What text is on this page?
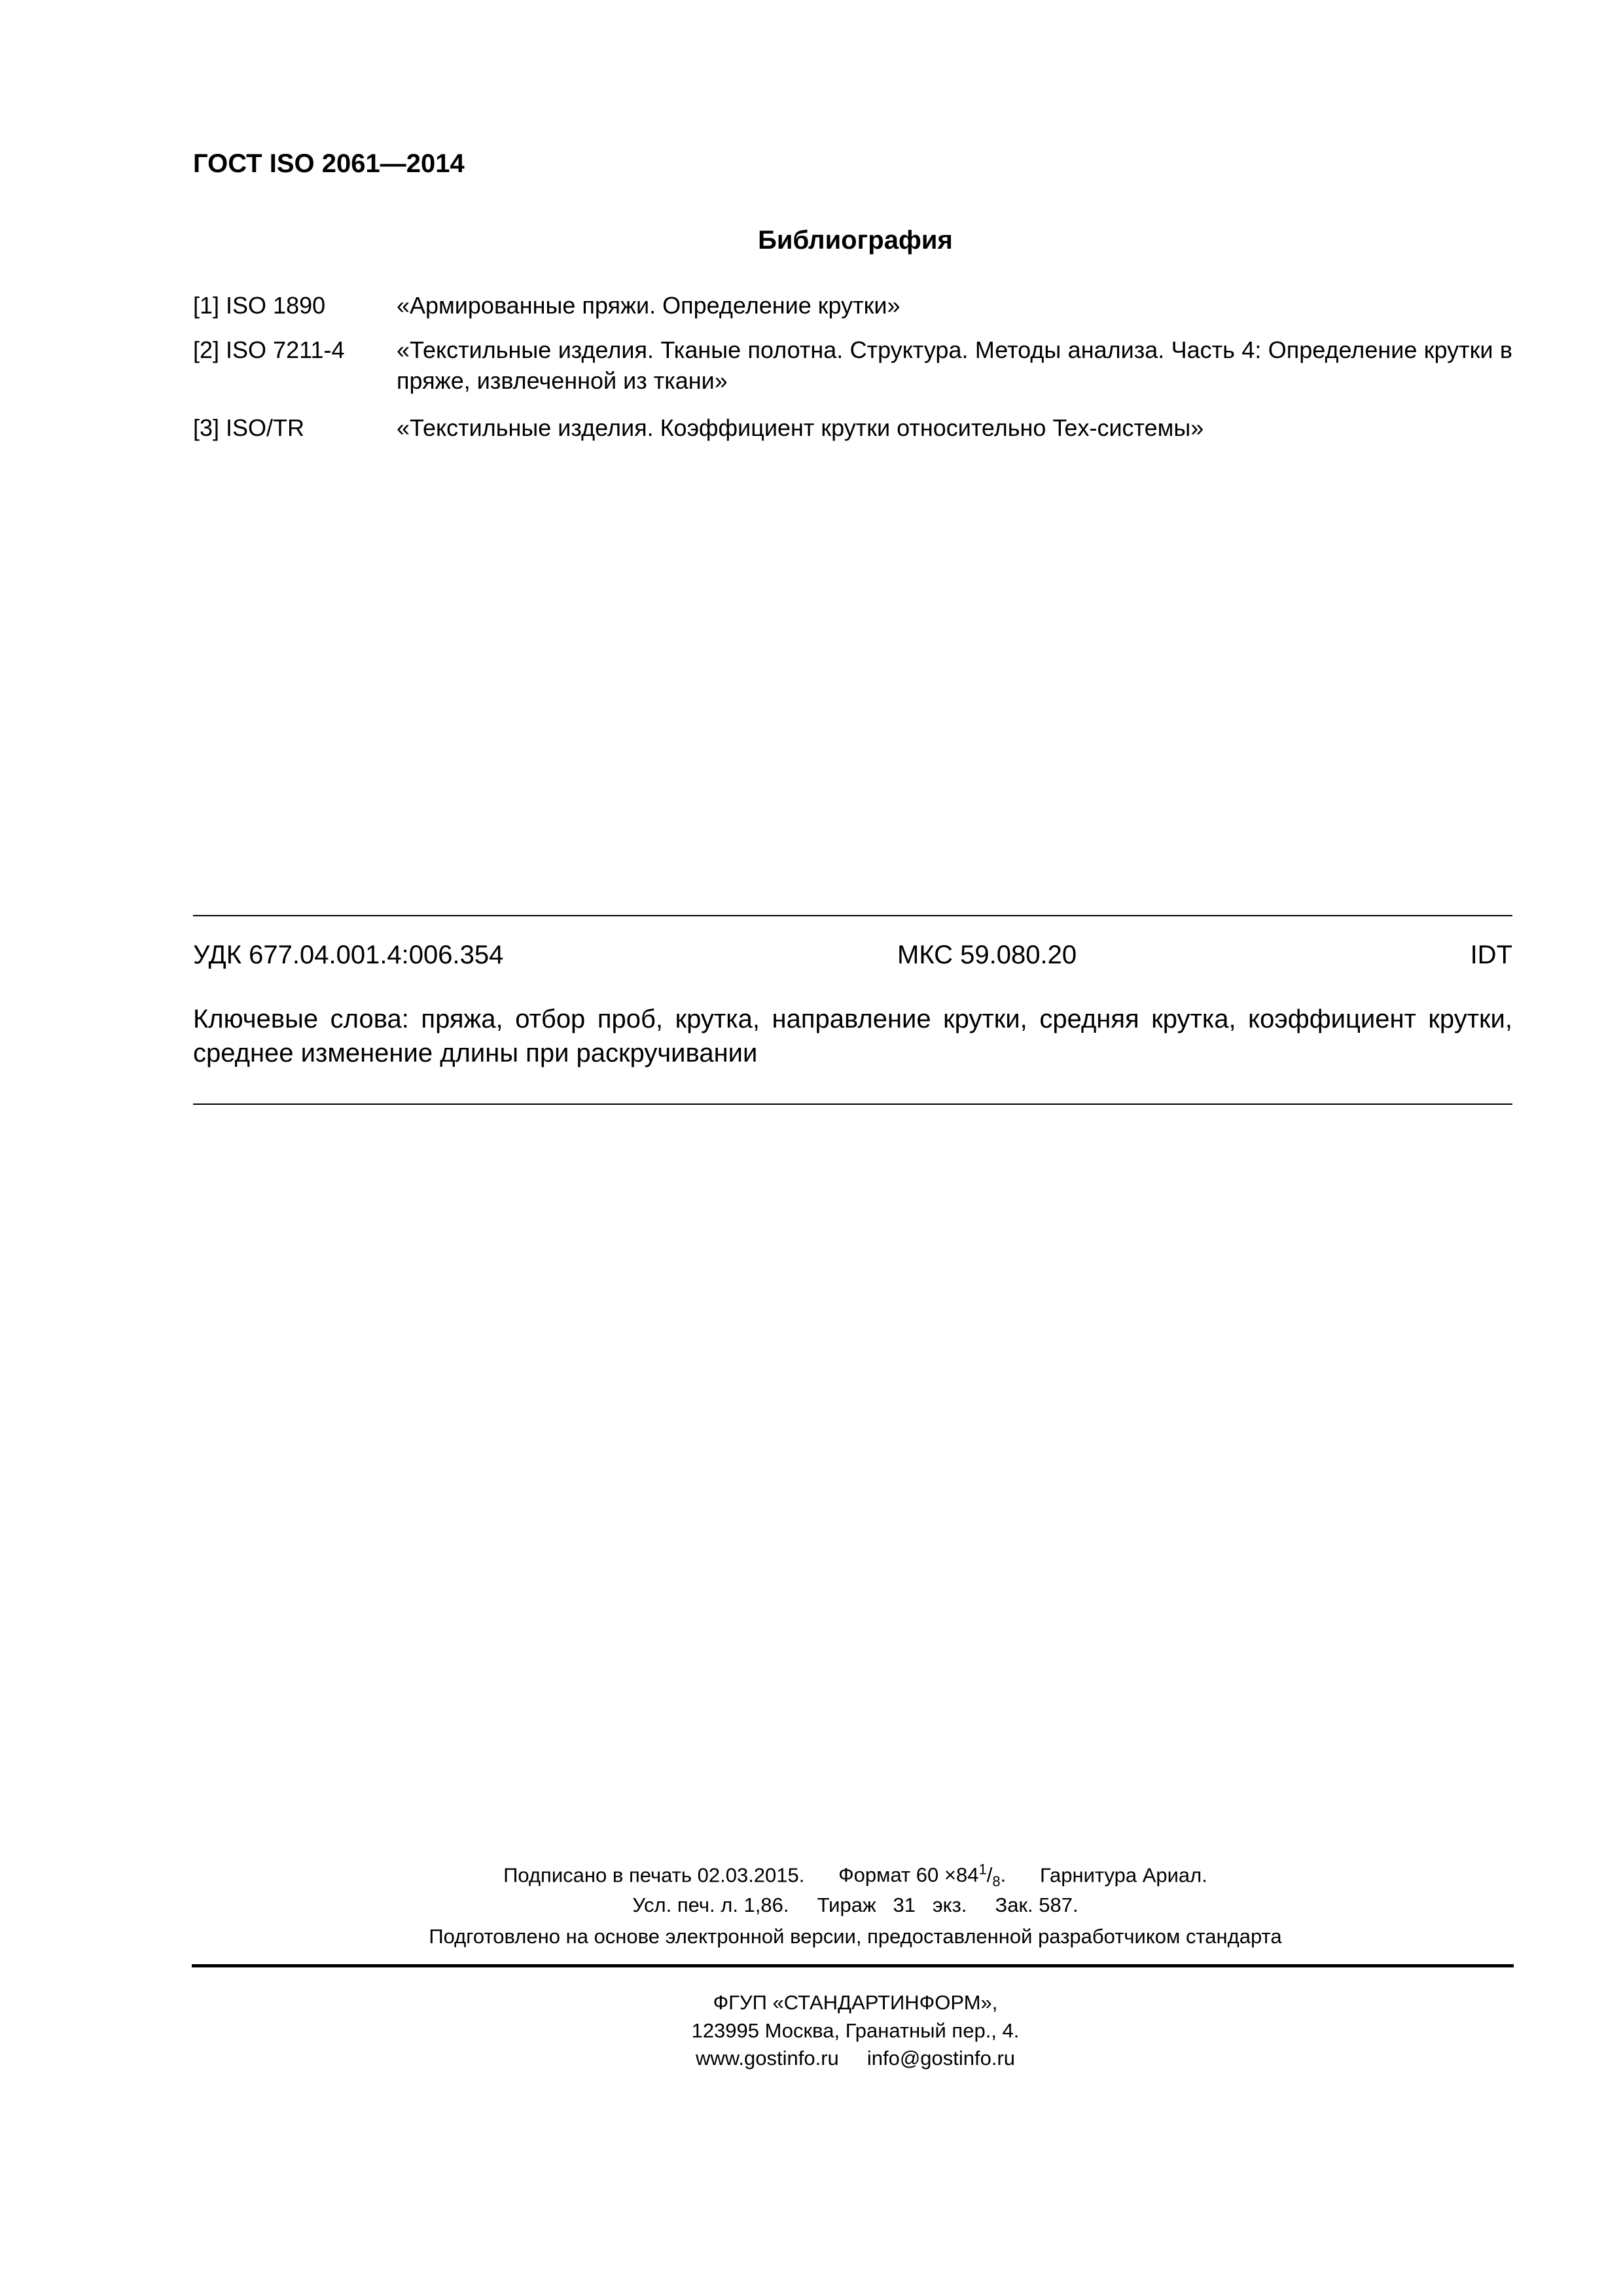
ГОСТ ISO 2061—2014
Библиография
[1] ISO 1890	«Армированные пряжи. Определение крутки»
[2] ISO 7211-4 «Текстильные изделия. Тканые полотна. Структура. Методы анализа. Часть 4: Определение крутки в пряже, извлеченной из ткани»
[3] ISO/TR	«Текстильные изделия. Коэффициент крутки относительно Tex-системы»
УДК 677.04.001.4:006.354	МКС 59.080.20	IDT
Ключевые слова: пряжа, отбор проб, крутка, направление крутки, средняя крутка, коэффициент крутки, среднее изменение длины при раскручивании
Подписано в печать 02.03.2015. Формат $60 \times 84^1/_8$. Гарнитура Ариал.
Усл. печ. л. 1,86. Тираж   31   экз. Зак. 587.
Подготовлено на основе электронной версии, предоставленной разработчиком стандарта
ФГУП «СТАНДАРТИНФОРМ»,
123995 Москва, Гранатный пер., 4.
www.gostinfo.ru info@gostinfo.ru
